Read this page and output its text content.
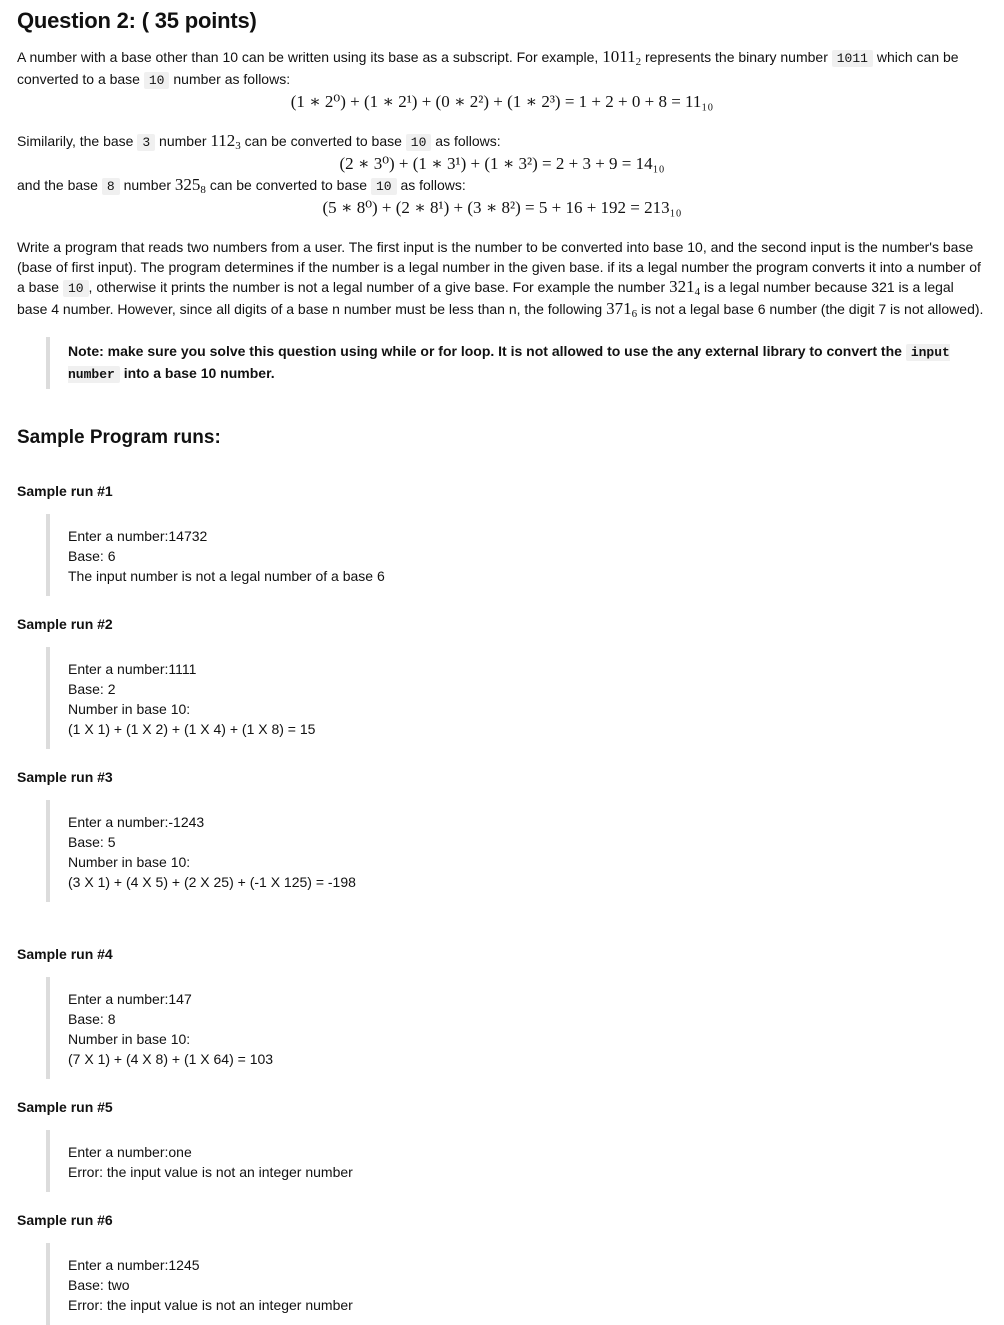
Question 2: ( 35 points)

A number with a base other than 10 can be written using its base as a subscript. For example, $1011_2$ represents the binary number 1011 which can be converted to a base 10 number as follows:

(1 ∗ 2⁰) + (1 ∗ 2¹) + (0 ∗ 2²) + (1 ∗ 2³) = 1 + 2 + 0 + 8 = 11₁₀

Similarily, the base 3 number $112_3$ can be converted to base 10 as follows:

(2 ∗ 3⁰) + (1 ∗ 3¹) + (1 ∗ 3²) = 2 + 3 + 9 = 14₁₀

and the base 8 number $325_8$ can be converted to base 10 as follows:

(5 ∗ 8⁰) + (2 ∗ 8¹) + (3 ∗ 8²) = 5 + 16 + 192 = 213₁₀

Write a program that reads two numbers from a user. The first input is the number to be converted into base 10, and the second input is the number's base (base of first input). The program determines if the number is a legal number in the given base. if its a legal number the program converts it into a number of a base 10 , otherwise it prints the number is not a legal number of a give base. For example the number $321_4$ is a legal number because 321 is a legal base 4 number. However, since all digits of a base n number must be less than n, the following $371_6$ is not a legal base 6 number (the digit 7 is not allowed).

Note: make sure you solve this question using while or for loop. It is not allowed to use the any external library to convert the input number into a base 10 number.
Sample Program runs:
Sample run #1
Enter a number:14732
Base: 6
The input number is not a legal number of a base 6
Sample run #2
Enter a number:1111
Base: 2
Number in base 10:
(1 X 1) + (1 X 2) + (1 X 4) + (1 X 8) = 15
Sample run #3
Enter a number:-1243
Base: 5
Number in base 10:
(3 X 1) + (4 X 5) + (2 X 25) + (-1 X 125) = -198
Sample run #4
Enter a number:147
Base: 8
Number in base 10:
(7 X 1) + (4 X 8) + (1 X 64) = 103
Sample run #5
Enter a number:one
Error: the input value is not an integer number
Sample run #6
Enter a number:1245
Base: two
Error: the input value is not an integer number
